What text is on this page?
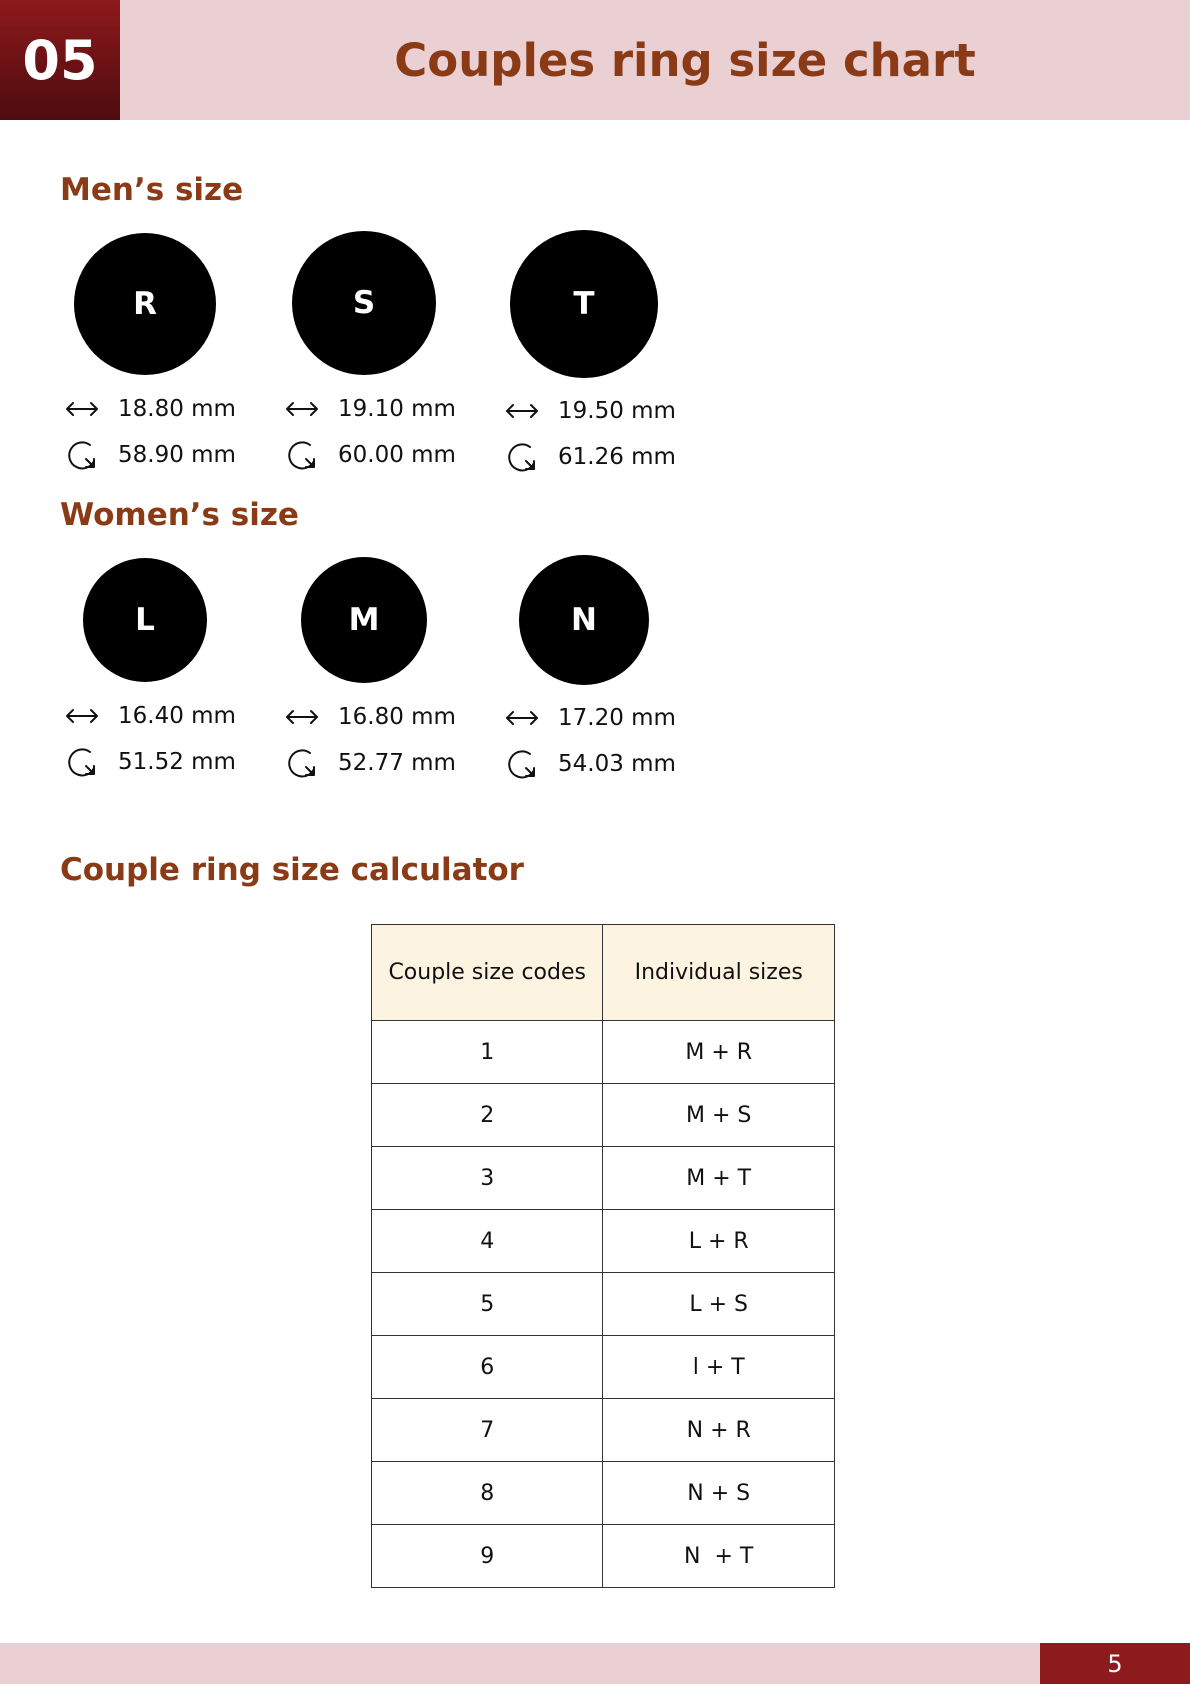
05	Couples ring size chart
Men’s size
R
18.80 mm
58.90 mm
S
19.10 mm
60.00 mm
T
19.50 mm
61.26 mm
Women’s size
L
16.40 mm
51.52 mm
M
16.80 mm
52.77 mm
N
17.20 mm
54.03 mm
Couple ring size calculator
Couple size codes	Individual sizes
1	M + R
2	M + S
3	M + T
4	L + R
5	L + S
6	l + T
7	N + R
8	N + S
9	N  + T
5
